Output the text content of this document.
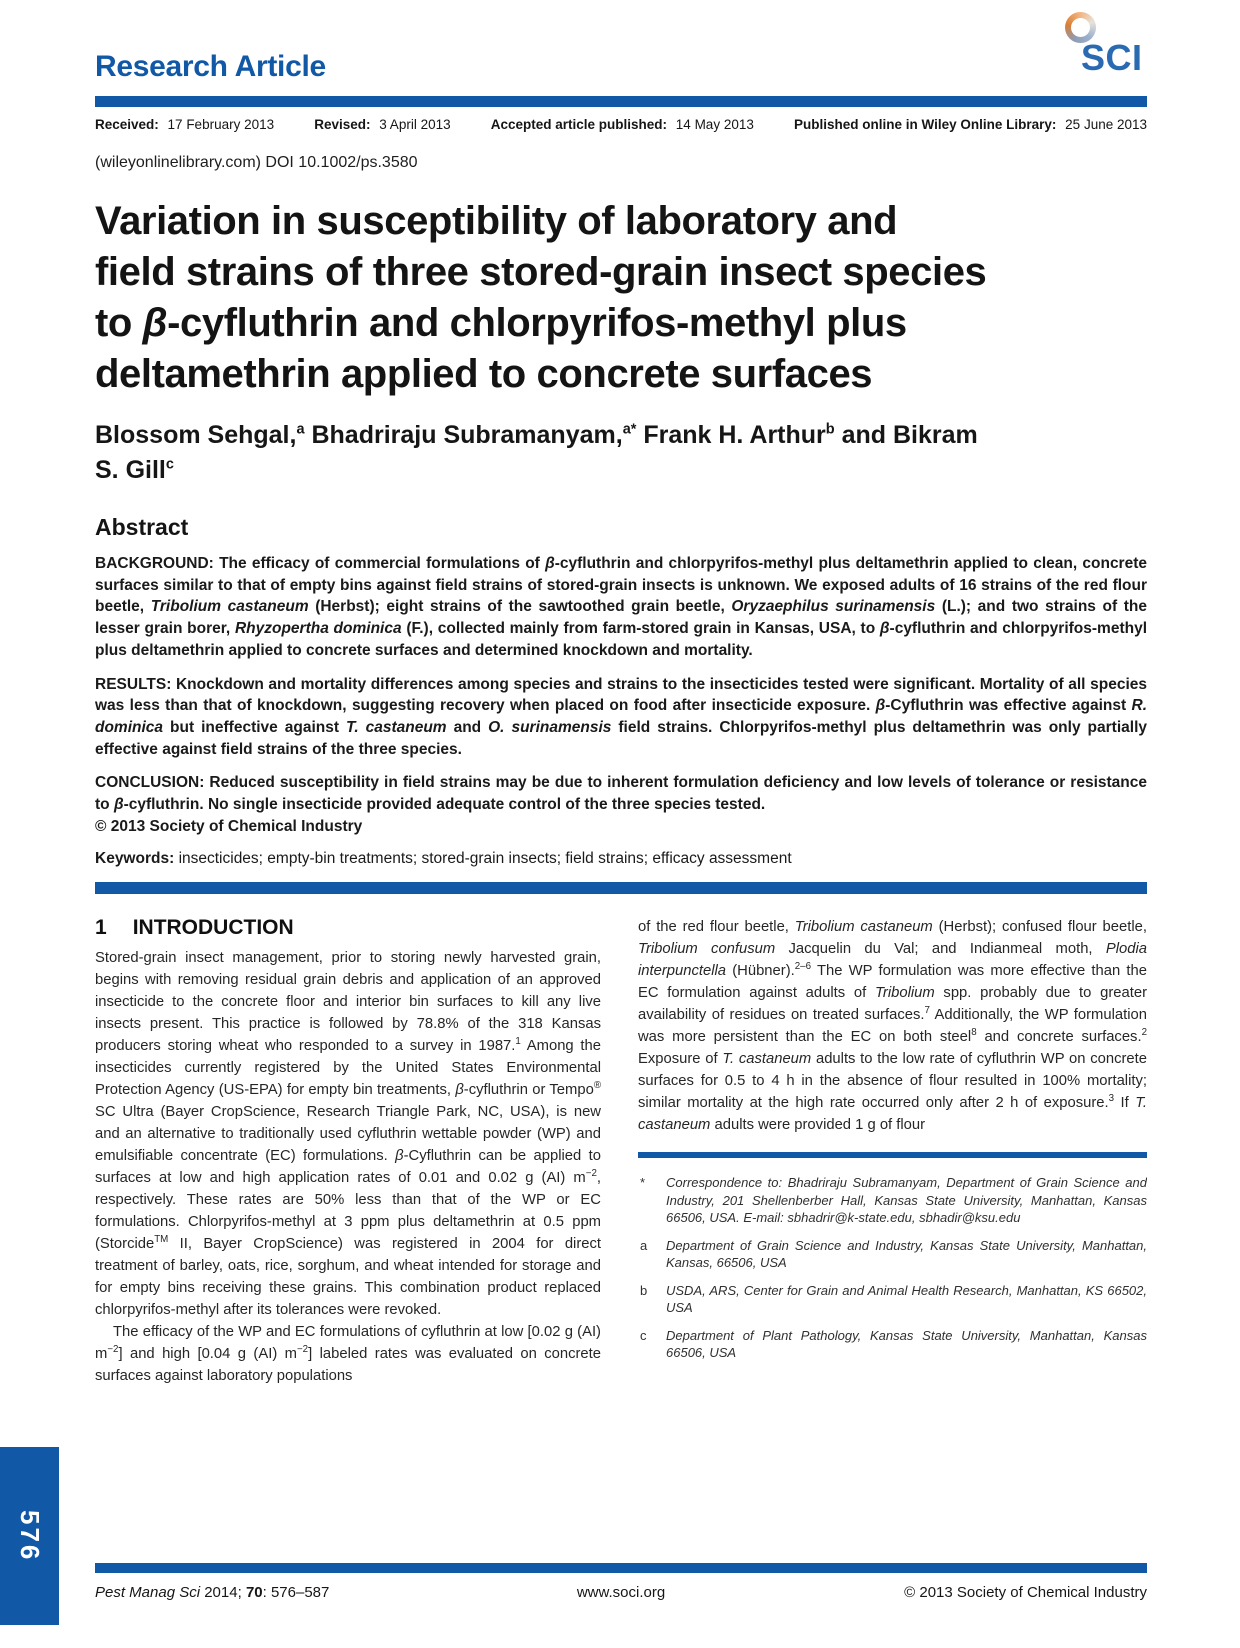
Research Article	SCI
Received: 17 February 2013	Revised: 3 April 2013	Accepted article published: 14 May 2013	Published online in Wiley Online Library: 25 June 2013
(wileyonlinelibrary.com) DOI 10.1002/ps.3580
Variation in susceptibility of laboratory and
field strains of three stored-grain insect species
to β-cyfluthrin and chlorpyrifos-methyl plus
deltamethrin applied to concrete surfaces
Blossom Sehgal,$^a$ Bhadriraju Subramanyam,$^{a*}$ Frank H. Arthur$^b$ and Bikram
S. Gill$^c$
Abstract

BACKGROUND: The efficacy of commercial formulations of β-cyfluthrin and chlorpyrifos-methyl plus deltamethrin applied to clean, concrete surfaces similar to that of empty bins against field strains of stored-grain insects is unknown. We exposed adults of 16 strains of the red flour beetle, Tribolium castaneum (Herbst); eight strains of the sawtoothed grain beetle, Oryzaephilus surinamensis (L.); and two strains of the lesser grain borer, Rhyzopertha dominica (F.), collected mainly from farm-stored grain in Kansas, USA, to β-cyfluthrin and chlorpyrifos-methyl plus deltamethrin applied to concrete surfaces and determined knockdown and mortality.

RESULTS: Knockdown and mortality differences among species and strains to the insecticides tested were significant. Mortality of all species was less than that of knockdown, suggesting recovery when placed on food after insecticide exposure. β-Cyfluthrin was effective against R. dominica but ineffective against T. castaneum and O. surinamensis field strains. Chlorpyrifos-methyl plus deltamethrin was only partially effective against field strains of the three species.

CONCLUSION: Reduced susceptibility in field strains may be due to inherent formulation deficiency and low levels of tolerance or resistance to β-cyfluthrin. No single insecticide provided adequate control of the three species tested.

© 2013 Society of Chemical Industry

Keywords: insecticides; empty-bin treatments; stored-grain insects; field strains; efficacy assessment

1 INTRODUCTION

Stored-grain insect management, prior to storing newly harvested grain, begins with removing residual grain debris and application of an approved insecticide to the concrete floor and interior bin surfaces to kill any live insects present. This practice is followed by 78.8% of the 318 Kansas producers storing wheat who responded to a survey in 1987.$^1$ Among the insecticides currently registered by the United States Environmental Protection Agency (US-EPA) for empty bin treatments, β-cyfluthrin or Tempo® SC Ultra (Bayer CropScience, Research Triangle Park, NC, USA), is new and an alternative to traditionally used cyfluthrin wettable powder (WP) and emulsifiable concentrate (EC) formulations. β-Cyfluthrin can be applied to surfaces at low and high application rates of 0.01 and 0.02 g (AI) $m^{-2}$, respectively. These rates are 50% less than that of the WP or EC formulations. Chlorpyrifos-methyl at 3 ppm plus deltamethrin at 0.5 ppm (Storcide™ II, Bayer CropScience) was registered in 2004 for direct treatment of barley, oats, rice, sorghum, and wheat intended for storage and for empty bins receiving these grains. This combination product replaced chlorpyrifos-methyl after its tolerances were revoked.

The efficacy of the WP and EC formulations of cyfluthrin at low [0.02 g (AI) $m^{-2}$] and high [0.04 g (AI) $m^{-2}$] labeled rates was evaluated on concrete surfaces against laboratory populations

of the red flour beetle, Tribolium castaneum (Herbst); confused flour beetle, Tribolium confusum Jacquelin du Val; and Indianmeal moth, Plodia interpunctella (Hübner).$^{2-6}$ The WP formulation was more effective than the EC formulation against adults of Tribolium spp. probably due to greater availability of residues on treated surfaces.$^7$ Additionally, the WP formulation was more persistent than the EC on both steel$^8$ and concrete surfaces.$^2$ Exposure of T. castaneum adults to the low rate of cyfluthrin WP on concrete surfaces for 0.5 to 4 h in the absence of flour resulted in 100% mortality; similar mortality at the high rate occurred only after 2 h of exposure.$^3$ If T. castaneum adults were provided 1 g of flour

*	Correspondence to: Bhadriraju Subramanyam, Department of Grain Science and Industry, 201 Shellenberber Hall, Kansas State University, Manhattan, Kansas 66506, USA. E-mail: sbhadrir@k-state.edu, sbhadir@ksu.edu
a	Department of Grain Science and Industry, Kansas State University, Manhattan, Kansas, 66506, USA
b	USDA, ARS, Center for Grain and Animal Health Research, Manhattan, KS 66502, USA
c	Department of Plant Pathology, Kansas State University, Manhattan, Kansas 66506, USA
Pest Manag Sci 2014; 70: 576–587	www.soci.org	© 2013 Society of Chemical Industry
576
